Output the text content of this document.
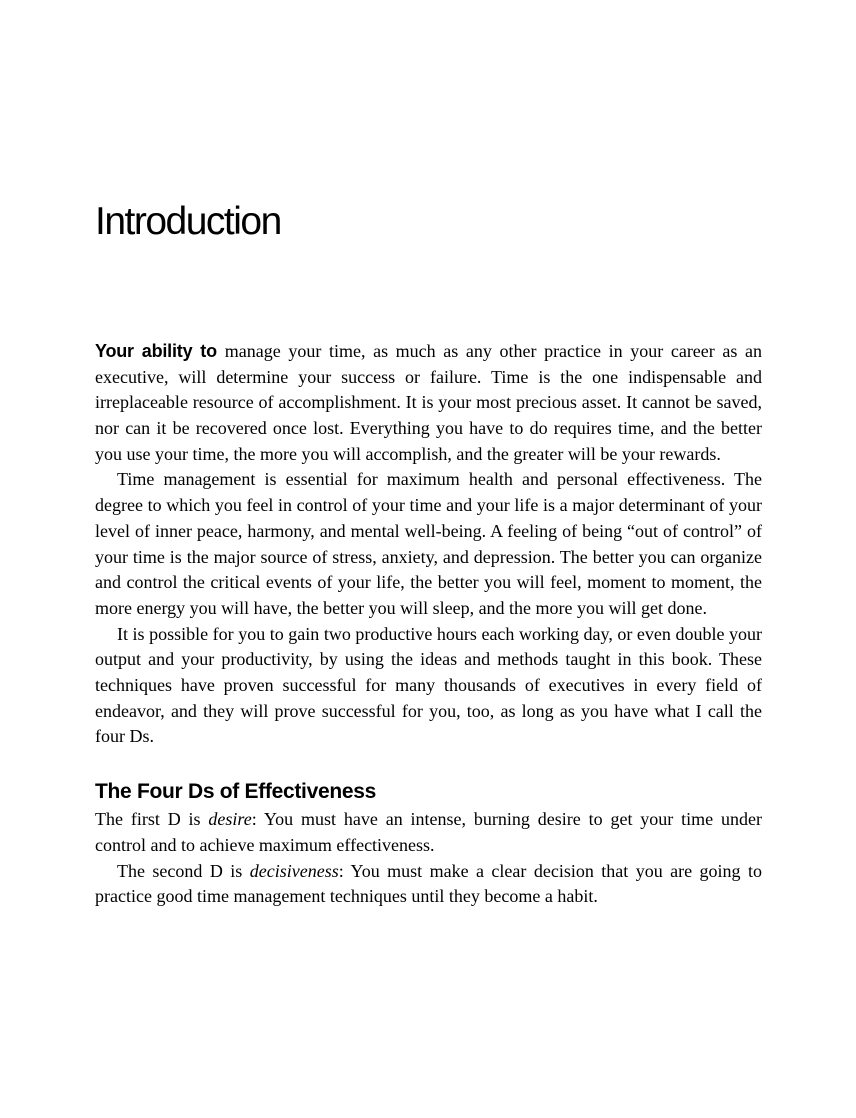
Introduction

Your ability to manage your time, as much as any other practice in your career as an executive, will determine your success or failure. Time is the one indispensable and irreplaceable resource of accomplishment. It is your most precious asset. It cannot be saved, nor can it be recovered once lost. Everything you have to do requires time, and the better you use your time, the more you will accomplish, and the greater will be your rewards.

Time management is essential for maximum health and personal effectiveness. The degree to which you feel in control of your time and your life is a major determinant of your level of inner peace, harmony, and mental well-being. A feeling of being “out of control” of your time is the major source of stress, anxiety, and depression. The better you can organize and control the critical events of your life, the better you will feel, moment to moment, the more energy you will have, the better you will sleep, and the more you will get done.

It is possible for you to gain two productive hours each working day, or even double your output and your productivity, by using the ideas and methods taught in this book. These techniques have proven successful for many thousands of executives in every field of endeavor, and they will prove successful for you, too, as long as you have what I call the four Ds.

The Four Ds of Effectiveness

The first D is desire: You must have an intense, burning desire to get your time under control and to achieve maximum effectiveness.

The second D is decisiveness: You must make a clear decision that you are going to practice good time management techniques until they become a habit.
